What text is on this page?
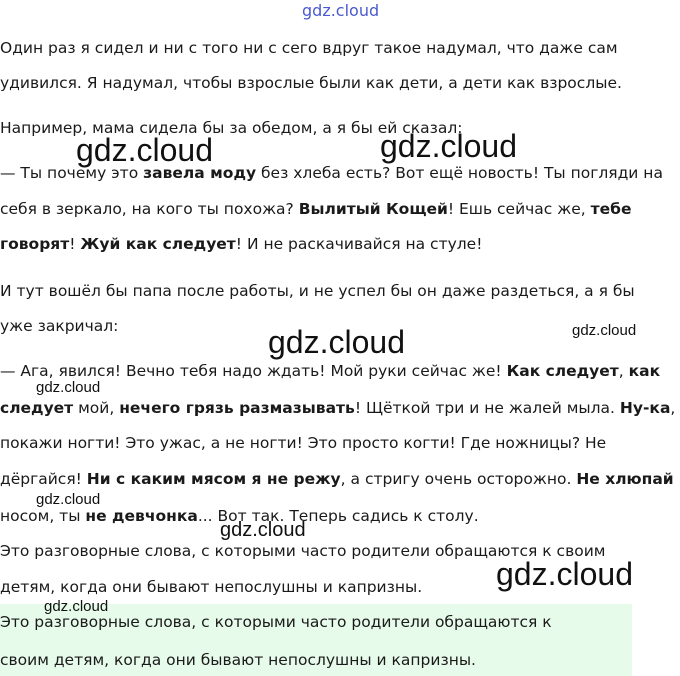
Один раз я сидел и ни с того ни с сего вдруг такое надумал, что даже сам
удивился. Я надумал, чтобы взрослые были как дети, а дети как взрослые.
Например, мама сидела бы за обедом, а я бы ей сказал:
— Ты почему это завела моду без хлеба есть? Вот ещё новость! Ты погляди на
себя в зеркало, на кого ты похожа? Вылитый Кощей! Ешь сейчас же, тебе
говорят! Жуй как следует! И не раскачивайся на стуле!
И тут вошёл бы папа после работы, и не успел бы он даже раздеться, а я бы
уже закричал:
— Ага, явился! Вечно тебя надо ждать! Мой руки сейчас же! Как следует, как
следует мой, нечего грязь размазывать! Щёткой три и не жалей мыла. Ну-ка,
покажи ногти! Это ужас, а не ногти! Это просто когти! Где ножницы? Не
дёргайся! Ни с каким мясом я не режу, а стригу очень осторожно. Не хлюпай
носом, ты не девчонка... Вот так. Теперь садись к столу.
Это разговорные слова, с которыми часто родители обращаются к своим
детям, когда они бывают непослушны и капризны.
Это разговорные слова, с которыми часто родители обращаются к
своим детям, когда они бывают непослушны и капризны.
gdz.cloud
gdz.cloud	gdz.cloud
gdz.cloud	gdz.cloud
gdz.cloud
gdz.cloud
gdz.cloud
gdz.cloud
gdz.cloud
